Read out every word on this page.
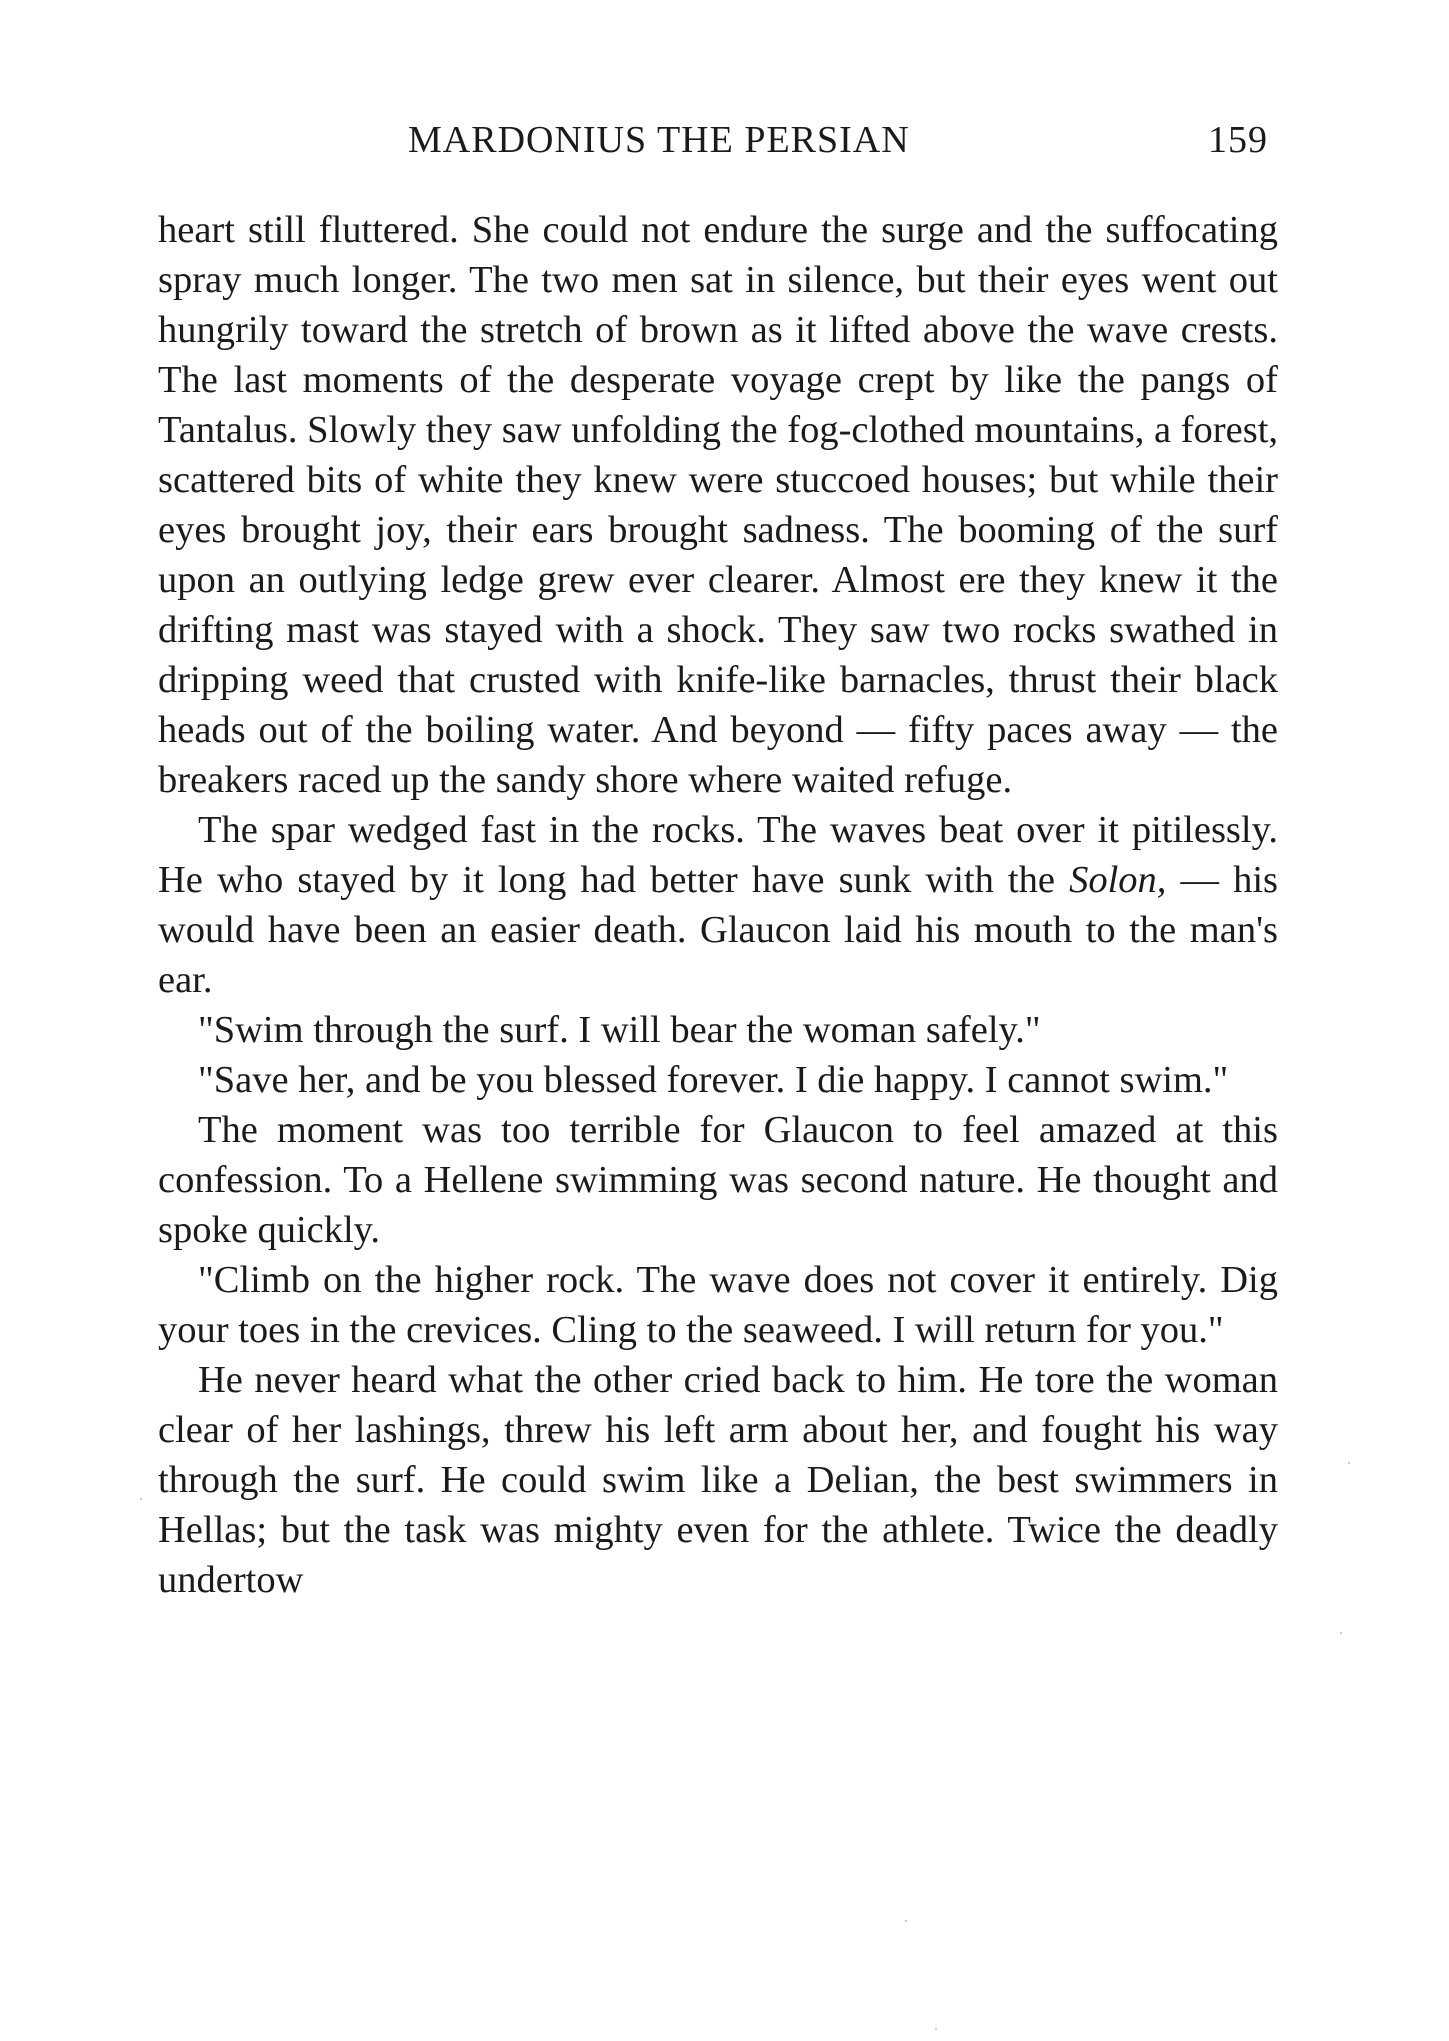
MARDONIUS THE PERSIAN	159

heart still fluttered. She could not endure the surge and the suffocating spray much longer. The two men sat in silence, but their eyes went out hungrily toward the stretch of brown as it lifted above the wave crests. The last moments of the desperate voyage crept by like the pangs of Tantalus. Slowly they saw unfolding the fog-clothed mountains, a forest, scattered bits of white they knew were stuccoed houses; but while their eyes brought joy, their ears brought sadness. The booming of the surf upon an outlying ledge grew ever clearer. Almost ere they knew it the drifting mast was stayed with a shock. They saw two rocks swathed in dripping weed that crusted with knife-like barnacles, thrust their black heads out of the boiling water. And beyond — fifty paces away — the breakers raced up the sandy shore where waited refuge.

The spar wedged fast in the rocks. The waves beat over it pitilessly. He who stayed by it long had better have sunk with the Solon, — his would have been an easier death. Glaucon laid his mouth to the man's ear.

"Swim through the surf. I will bear the woman safely."

"Save her, and be you blessed forever. I die happy. I cannot swim."

The moment was too terrible for Glaucon to feel amazed at this confession. To a Hellene swimming was second nature. He thought and spoke quickly.

"Climb on the higher rock. The wave does not cover it entirely. Dig your toes in the crevices. Cling to the seaweed. I will return for you."

He never heard what the other cried back to him. He tore the woman clear of her lashings, threw his left arm about her, and fought his way through the surf. He could swim like a Delian, the best swimmers in Hellas; but the task was mighty even for the athlete. Twice the deadly undertow
